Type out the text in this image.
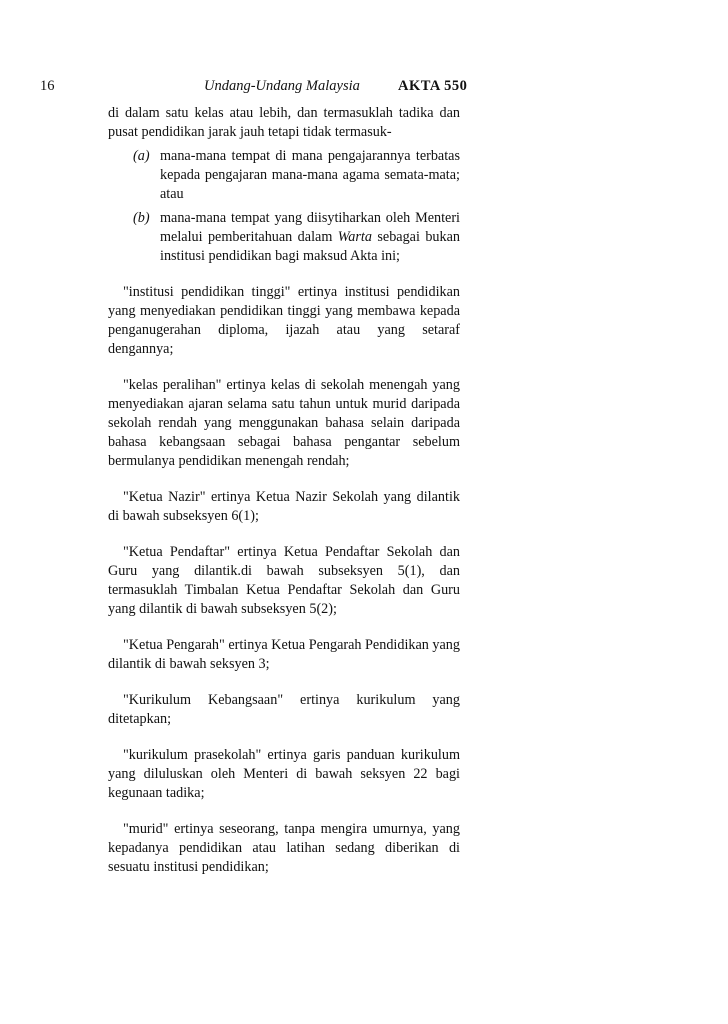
16	Undang-Undang Malaysia	AKTA 550

di dalam satu kelas atau lebih, dan termasuklah tadika dan pusat pendidikan jarak jauh tetapi tidak termasuk-

(a) mana-mana tempat di mana pengajarannya terbatas kepada pengajaran mana-mana agama semata-mata; atau
(b) mana-mana tempat yang diisytiharkan oleh Menteri melalui pemberitahuan dalam Warta sebagai bukan institusi pendidikan bagi maksud Akta ini;

"institusi pendidikan tinggi" ertinya institusi pendidikan yang menyediakan pendidikan tinggi yang membawa kepada penganugerahan diploma, ijazah atau yang setaraf dengannya;

"kelas peralihan" ertinya kelas di sekolah menengah yang menyediakan ajaran selama satu tahun untuk murid daripada sekolah rendah yang menggunakan bahasa selain daripada bahasa kebangsaan sebagai bahasa pengantar sebelum bermulanya pendidikan menengah rendah;

"Ketua Nazir" ertinya Ketua Nazir Sekolah yang dilantik di bawah subseksyen 6(1);

"Ketua Pendaftar" ertinya Ketua Pendaftar Sekolah dan Guru yang dilantik.di bawah subseksyen 5(1), dan termasuklah Timbalan Ketua Pendaftar Sekolah dan Guru yang dilantik di bawah subseksyen 5(2);

"Ketua Pengarah" ertinya Ketua Pengarah Pendidikan yang dilantik di bawah seksyen 3;

"Kurikulum Kebangsaan" ertinya kurikulum yang ditetapkan;

"kurikulum prasekolah" ertinya garis panduan kurikulum yang diluluskan oleh Menteri di bawah seksyen 22 bagi kegunaan tadika;

"murid" ertinya seseorang, tanpa mengira umurnya, yang kepadanya pendidikan atau latihan sedang diberikan di sesuatu institusi pendidikan;
